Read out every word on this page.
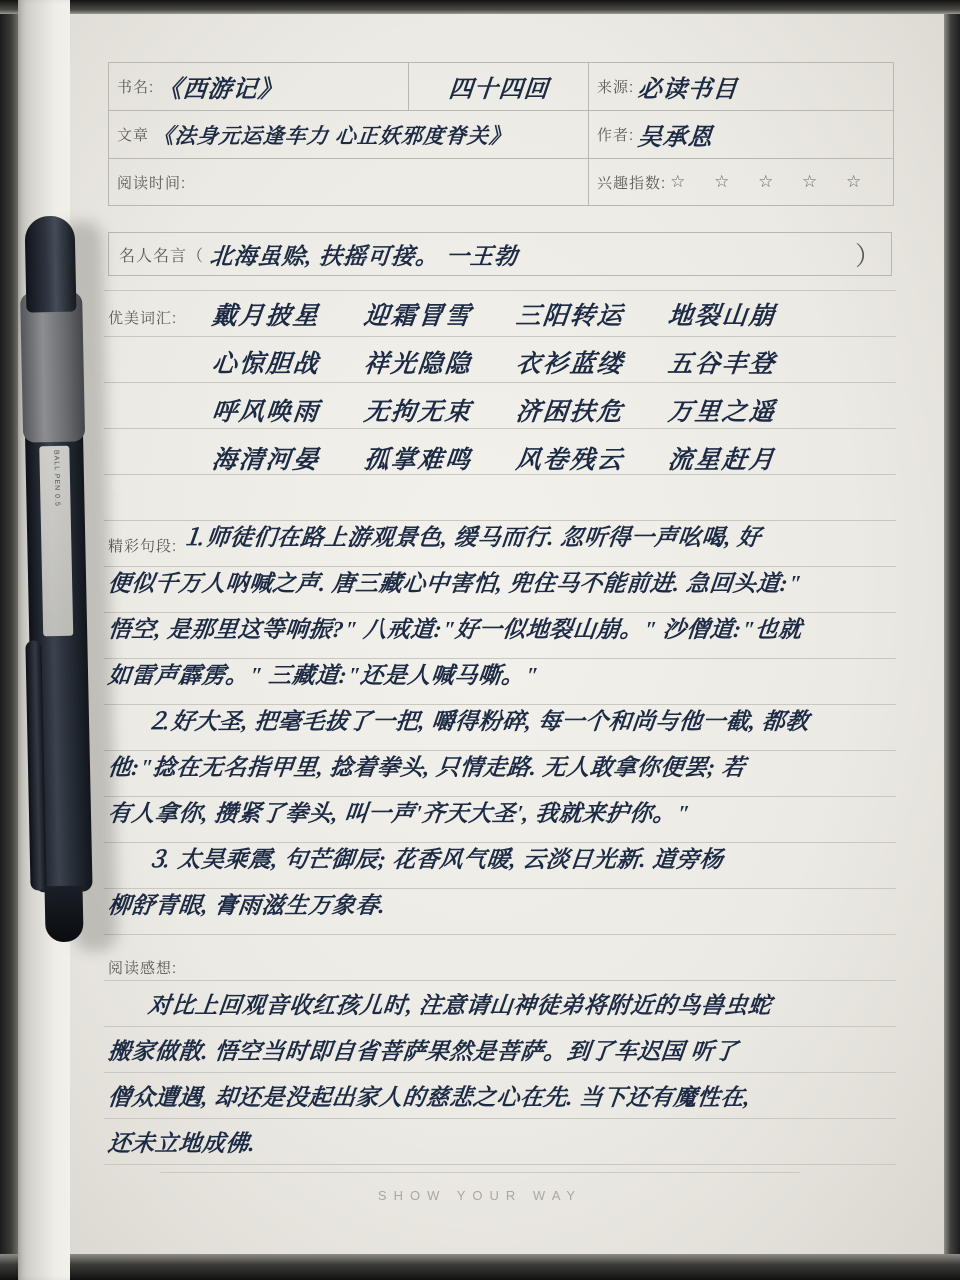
书名: 《西游记》	四十四回	来源: 必读书目
文章 《法身元运逢车力 心正妖邪度脊关》	作者: 吴承恩
阅读时间:	兴趣指数: ☆ ☆ ☆ ☆ ☆
名人名言（ 北海虽赊, 扶摇可接。 一王勃	）
优美词汇:	戴月披星	迎霜冒雪	三阳转运	地裂山崩
心惊胆战	祥光隐隐	衣衫蓝缕	五谷丰登
呼风唤雨	无拘无束	济困扶危	万里之遥
海清河晏	孤掌难鸣	风卷残云	流星赶月
精彩句段: ⒈师徒们在路上游观景色, 缓马而行. 忽听得一声吆喝, 好
便似千万人呐喊之声. 唐三藏心中害怕, 兜住马不能前进. 急回头道:"
悟空, 是那里这等响振?" 八戒道:"好一似地裂山崩。" 沙僧道:"也就
如雷声霹雳。" 三藏道:"还是人喊马嘶。"
⒉好大圣, 把毫毛拔了一把, 嚼得粉碎, 每一个和尚与他一截, 都教
他:"捻在无名指甲里, 捻着拳头, 只情走路. 无人敢拿你便罢; 若
有人拿你, 攒紧了拳头, 叫一声'齐天大圣', 我就来护你。"
⒊ 太昊乘震, 句芒御辰; 花香风气暖, 云淡日光新. 道旁杨
柳舒青眼, 膏雨滋生万象春.
阅读感想:
对比上回观音收红孩儿时, 注意请山神徒弟将附近的鸟兽虫蛇
搬家做散. 悟空当时即自省菩萨果然是菩萨。到了车迟国 听了
僧众遭遇, 却还是没起出家人的慈悲之心在先. 当下还有魔性在,
还未立地成佛.
SHOW YOUR WAY
BALL PEN 0.5
